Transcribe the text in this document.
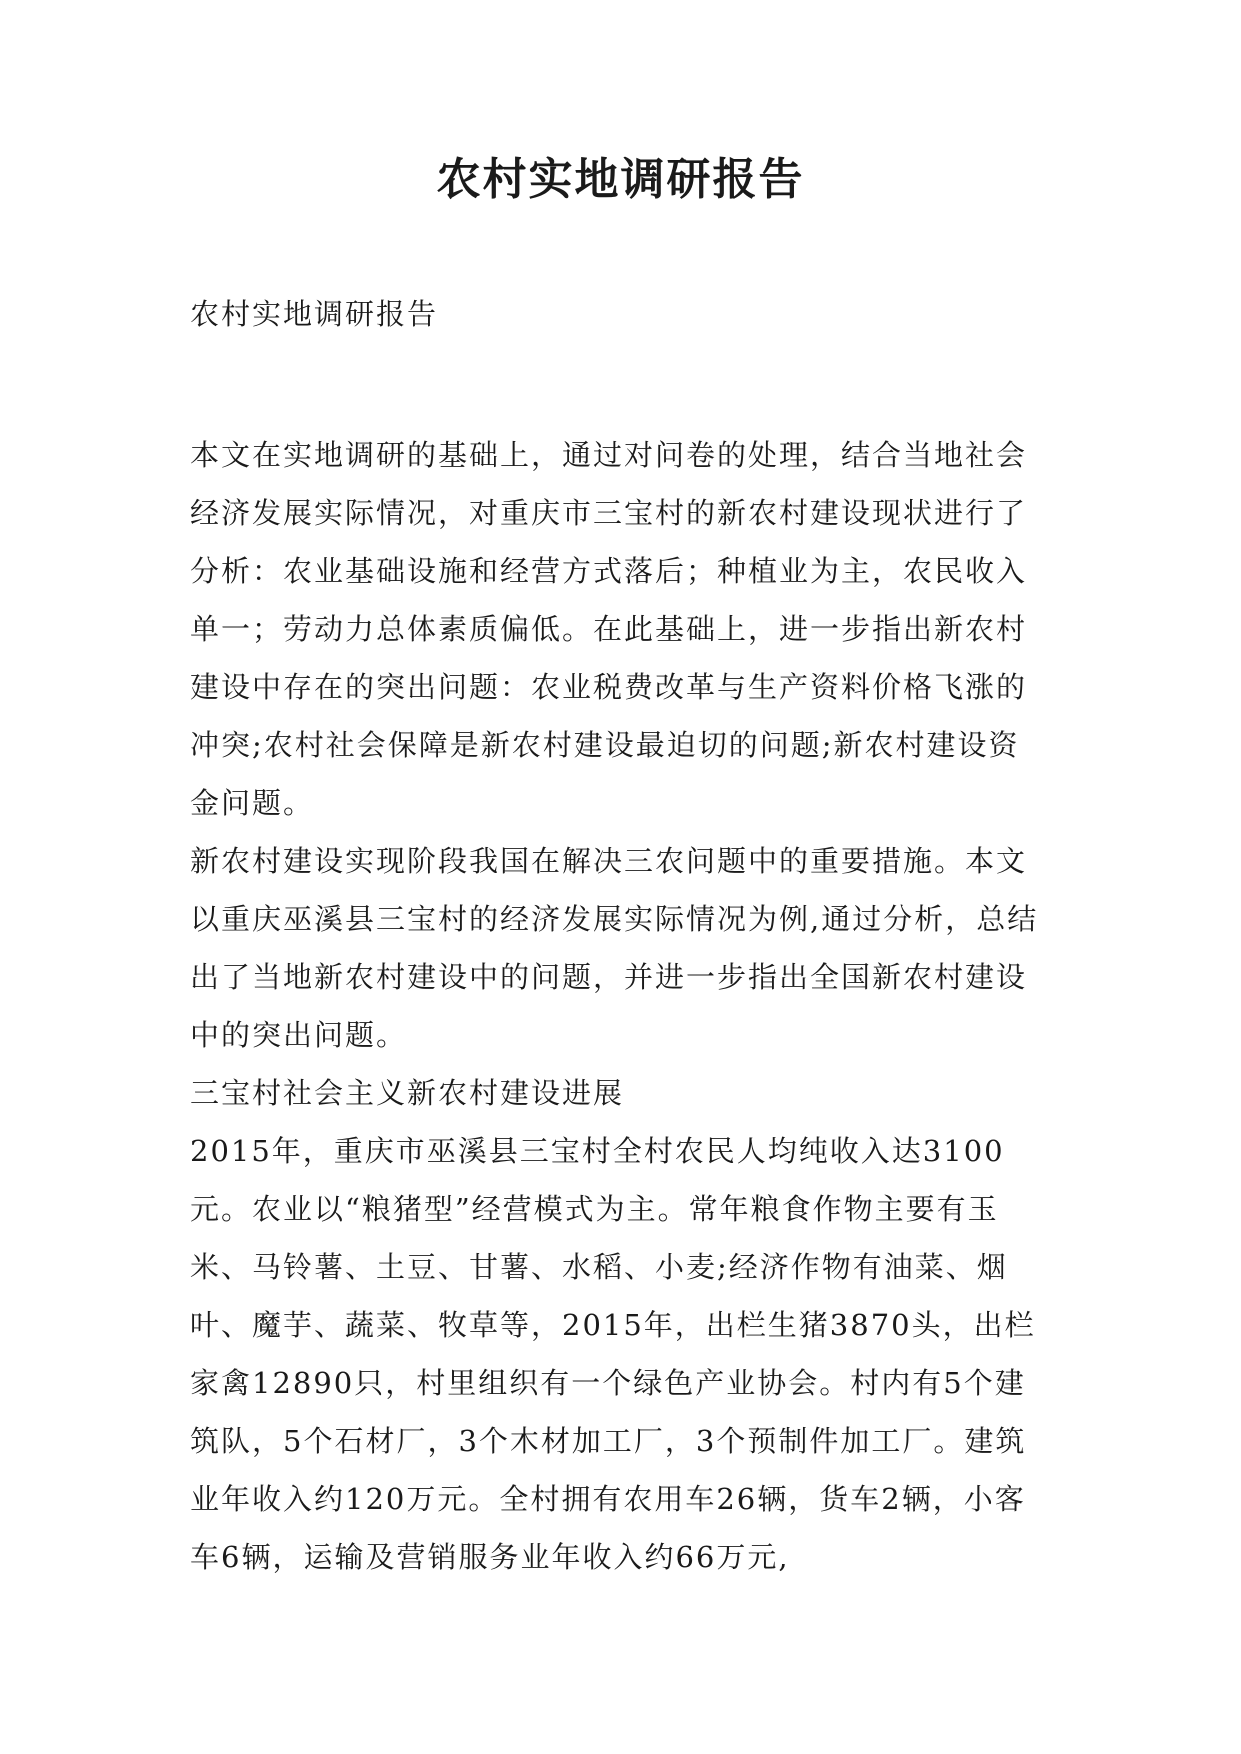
农村实地调研报告

农村实地调研报告

本文在实地调研的基础上，通过对问卷的处理，结合当地社会经济发展实际情况，对重庆市三宝村的新农村建设现状进行了分析：农业基础设施和经营方式落后；种植业为主，农民收入单一；劳动力总体素质偏低。在此基础上，进一步指出新农村建设中存在的突出问题：农业税费改革与生产资料价格飞涨的冲突;农村社会保障是新农村建设最迫切的问题;新农村建设资金问题。

新农村建设实现阶段我国在解决三农问题中的重要措施。本文以重庆巫溪县三宝村的经济发展实际情况为例,通过分析，总结出了当地新农村建设中的问题，并进一步指出全国新农村建设中的突出问题。

三宝村社会主义新农村建设进展

2015年，重庆市巫溪县三宝村全村农民人均纯收入达3100元。农业以“粮猪型”经营模式为主。常年粮食作物主要有玉米、马铃薯、土豆、甘薯、水稻、小麦;经济作物有油菜、烟叶、魔芋、蔬菜、牧草等，2015年，出栏生猪3870头，出栏家禽12890只，村里组织有一个绿色产业协会。村内有5个建筑队，5个石材厂，3个木材加工厂，3个预制件加工厂。建筑业年收入约120万元。全村拥有农用车26辆，货车2辆，小客车6辆，运输及营销服务业年收入约66万元,
